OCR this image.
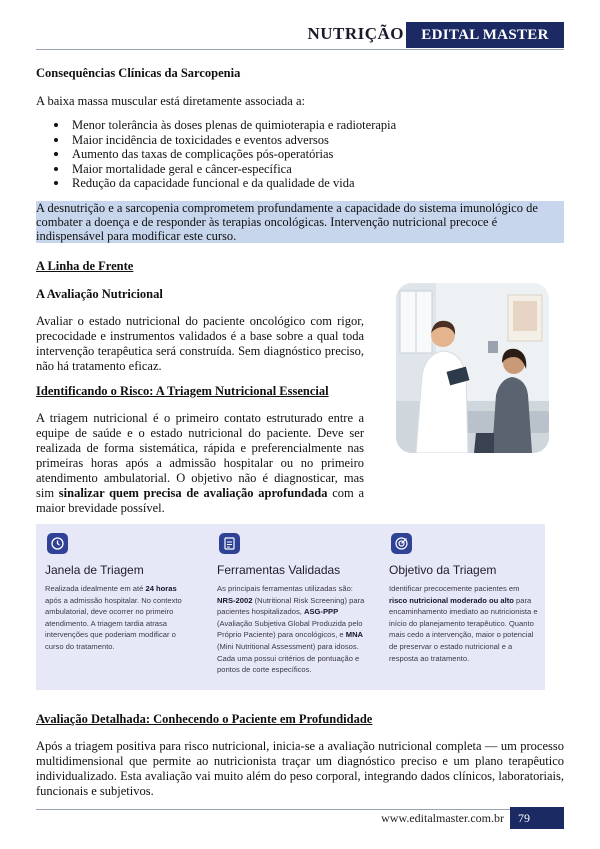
NUTRIÇÃO	EDITAL MASTER
Consequências Clínicas da Sarcopenia
A baixa massa muscular está diretamente associada a:
Menor tolerância às doses plenas de quimioterapia e radioterapia
Maior incidência de toxicidades e eventos adversos
Aumento das taxas de complicações pós-operatórias
Maior mortalidade geral e câncer-específica
Redução da capacidade funcional e da qualidade de vida
A desnutrição e a sarcopenia comprometem profundamente a capacidade do sistema imunológico de combater a doença e de responder às terapias oncológicas. Intervenção nutricional precoce é indispensável para modificar este curso.
A Linha de Frente
A Avaliação Nutricional
Avaliar o estado nutricional do paciente oncológico com rigor, precocidade e instrumentos validados é a base sobre a qual toda intervenção terapêutica será construída. Sem diagnóstico preciso, não há tratamento eficaz.
Identificando o Risco: A Triagem Nutricional Essencial
A triagem nutricional é o primeiro contato estruturado entre a equipe de saúde e o estado nutricional do paciente. Deve ser realizada de forma sistemática, rápida e preferencialmente nas primeiras horas após a admissão hospitalar ou no primeiro atendimento ambulatorial. O objetivo não é diagnosticar, mas sim sinalizar quem precisa de avaliação aprofundada com a maior brevidade possível.
Janela de Triagem
Realizada idealmente em até 24 horas após a admissão hospitalar. No contexto ambulatorial, deve ocorrer no primeiro atendimento. A triagem tardia atrasa intervenções que poderiam modificar o curso do tratamento.
Ferramentas Validadas
As principais ferramentas utilizadas são: NRS-2002 (Nutritional Risk Screening) para pacientes hospitalizados, ASG-PPP (Avaliação Subjetiva Global Produzida pelo Próprio Paciente) para oncológicos, e MNA (Mini Nutritional Assessment) para idosos. Cada uma possui critérios de pontuação e pontos de corte específicos.
Objetivo da Triagem
Identificar precocemente pacientes em risco nutricional moderado ou alto para encaminhamento imediato ao nutricionista e início do planejamento terapêutico. Quanto mais cedo a intervenção, maior o potencial de preservar o estado nutricional e a resposta ao tratamento.
Avaliação Detalhada: Conhecendo o Paciente em Profundidade
Após a triagem positiva para risco nutricional, inicia-se a avaliação nutricional completa — um processo multidimensional que permite ao nutricionista traçar um diagnóstico preciso e um plano terapêutico individualizado. Esta avaliação vai muito além do peso corporal, integrando dados clínicos, laboratoriais, funcionais e subjetivos.
www.editalmaster.com.br	79
